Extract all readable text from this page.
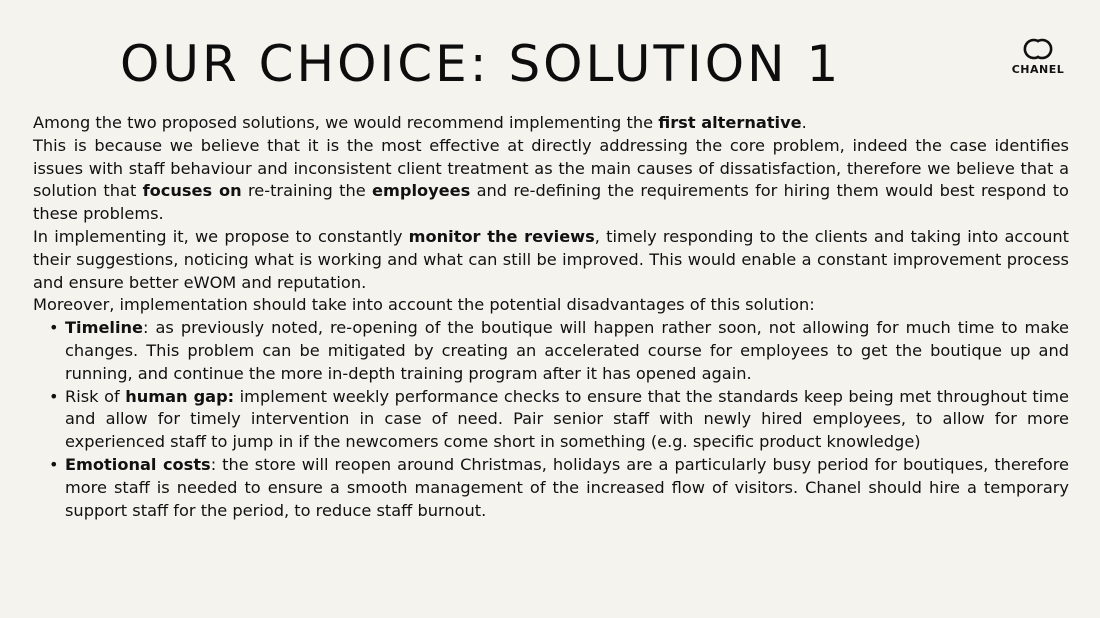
OUR CHOICE: SOLUTION 1	CHANEL

Among the two proposed solutions, we would recommend implementing the first alternative.

This is because we believe that it is the most effective at directly addressing the core problem, indeed the case identifies issues with staff behaviour and inconsistent client treatment as the main causes of dissatisfaction, therefore we believe that a solution that focuses on re-training the employees and re-defining the requirements for hiring them would best respond to these problems.

In implementing it, we propose to constantly monitor the reviews, timely responding to the clients and taking into account their suggestions, noticing what is working and what can still be improved. This would enable a constant improvement process and ensure better eWOM and reputation.

Moreover, implementation should take into account the potential disadvantages of this solution:

• Timeline: as previously noted, re-opening of the boutique will happen rather soon, not allowing for much time to make changes. This problem can be mitigated by creating an accelerated course for employees to get the boutique up and running, and continue the more in-depth training program after it has opened again.
• Risk of human gap: implement weekly performance checks to ensure that the standards keep being met throughout time and allow for timely intervention in case of need. Pair senior staff with newly hired employees, to allow for more experienced staff to jump in if the newcomers come short in something (e.g. specific product knowledge)
• Emotional costs: the store will reopen around Christmas, holidays are a particularly busy period for boutiques, therefore more staff is needed to ensure a smooth management of the increased flow of visitors. Chanel should hire a temporary support staff for the period, to reduce staff burnout.
